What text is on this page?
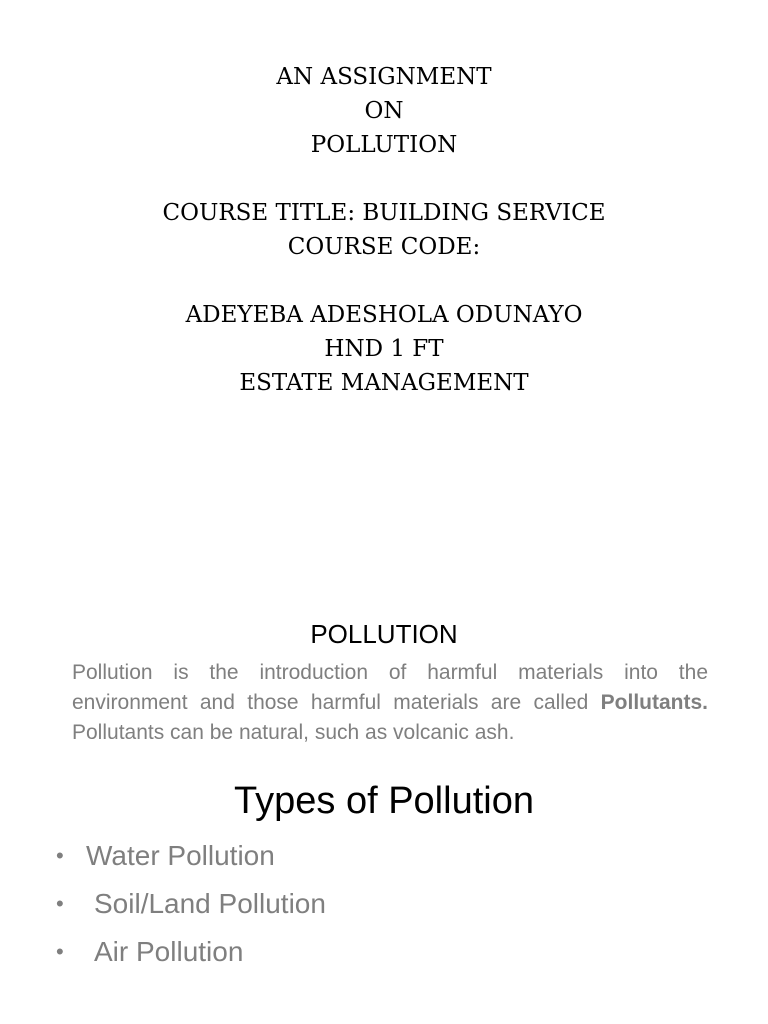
AN ASSIGNMENT
ON
POLLUTION
COURSE TITLE: BUILDING SERVICE
COURSE CODE:
ADEYEBA ADESHOLA ODUNAYO
HND 1 FT
ESTATE MANAGEMENT
POLLUTION

Pollution is the introduction of harmful materials into the environment and those harmful materials are called Pollutants. Pollutants can be natural, such as volcanic ash.

Types of Pollution
• Water Pollution
•	Soil/Land Pollution
•	Air Pollution
